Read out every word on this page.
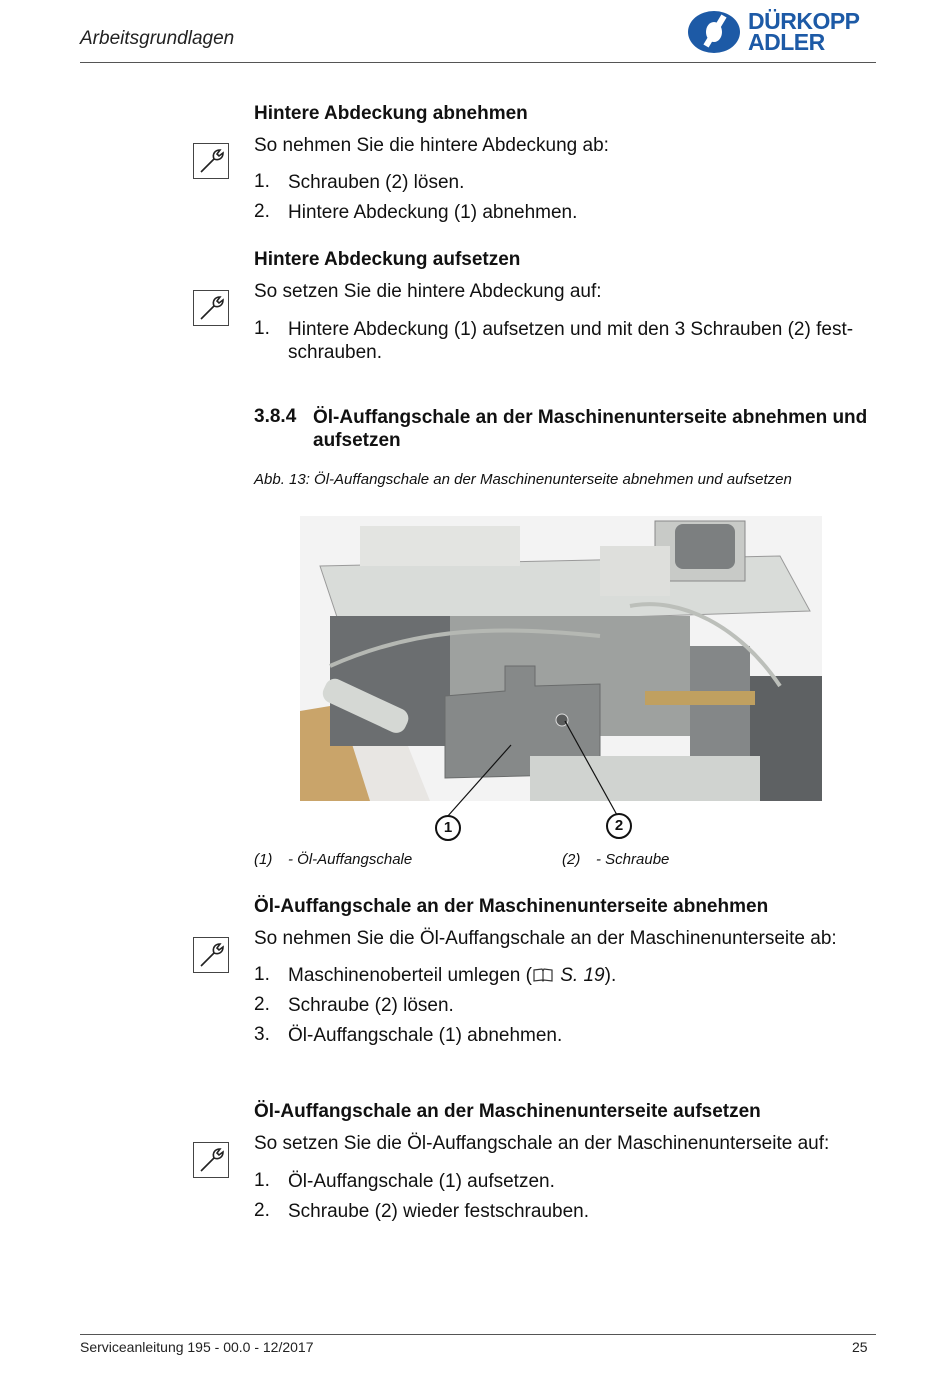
Arbeitsgrundlagen
DÜRKOPP
ADLER
Hintere Abdeckung abnehmen
So nehmen Sie die hintere Abdeckung ab:
1. Schrauben (2) lösen.
2. Hintere Abdeckung (1) abnehmen.
Hintere Abdeckung aufsetzen
So setzen Sie die hintere Abdeckung auf:
1. Hintere Abdeckung (1) aufsetzen und mit den 3 Schrauben (2) fest-schrauben.
3.8.4 Öl-Auffangschale an der Maschinenunterseite abnehmen und aufsetzen
Abb. 13: Öl-Auffangschale an der Maschinenunterseite abnehmen und aufsetzen
1	2
(1) - Öl-Auffangschale	(2) - Schraube
Öl-Auffangschale an der Maschinenunterseite abnehmen
So nehmen Sie die Öl-Auffangschale an der Maschinenunterseite ab:
1. Maschinenoberteil umlegen ( S. 19).
2. Schraube (2) lösen.
3. Öl-Auffangschale (1) abnehmen.
Öl-Auffangschale an der Maschinenunterseite aufsetzen
So setzen Sie die Öl-Auffangschale an der Maschinenunterseite auf:
1. Öl-Auffangschale (1) aufsetzen.
2. Schraube (2) wieder festschrauben.
Serviceanleitung 195 - 00.0 - 12/2017	25
